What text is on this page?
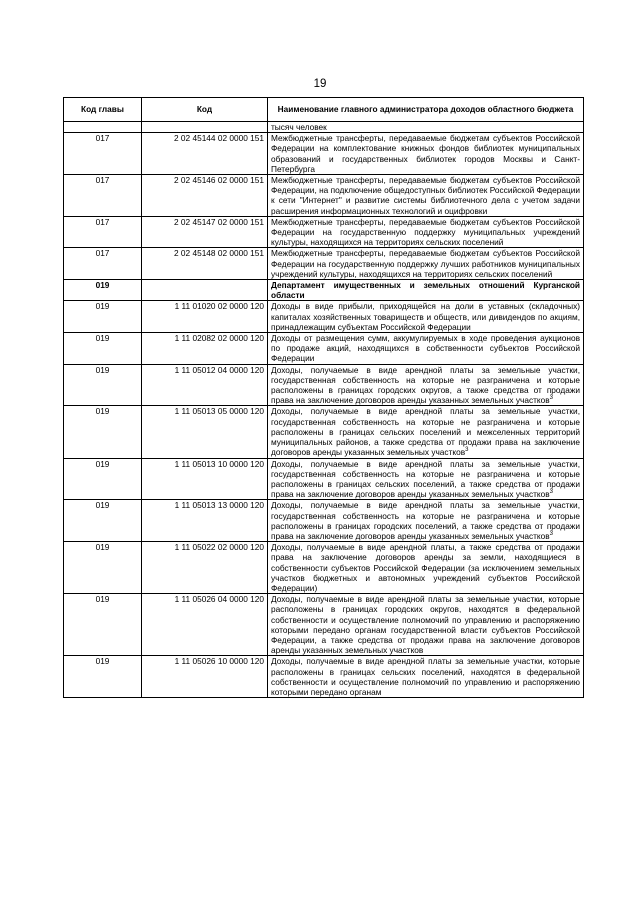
19
Код главы	Код	Наименование главного администратора доходов областного бюджета
		тысяч человек
017	2 02 45144 02 0000 151	Межбюджетные трансферты, передаваемые бюджетам субъектов Российской Федерации на комплектование книжных фондов библиотек муниципальных образований и государственных библиотек городов Москвы и Санкт-Петербурга
017	2 02 45146 02 0000 151	Межбюджетные трансферты, передаваемые бюджетам субъектов Российской Федерации, на подключение общедоступных библиотек Российской Федерации к сети "Интернет" и развитие системы библиотечного дела с учетом задачи расширения информационных технологий и оцифровки
017	2 02 45147 02 0000 151	Межбюджетные трансферты, передаваемые бюджетам субъектов Российской Федерации на государственную поддержку муниципальных учреждений культуры, находящихся на территориях сельских поселений
017	2 02 45148 02 0000 151	Межбюджетные трансферты, передаваемые бюджетам субъектов Российской Федерации на государственную поддержку лучших работников муниципальных учреждений культуры, находящихся на территориях сельских поселений
019		Департамент имущественных и земельных отношений Курганской области
019	1 11 01020 02 0000 120	Доходы в виде прибыли, приходящейся на доли в уставных (складочных) капиталах хозяйственных товариществ и обществ, или дивидендов по акциям, принадлежащим субъектам Российской Федерации
019	1 11 02082 02 0000 120	Доходы от размещения сумм, аккумулируемых в ходе проведения аукционов по продаже акций, находящихся в собственности субъектов Российской Федерации
019	1 11 05012 04 0000 120	Доходы, получаемые в виде арендной платы за земельные участки, государственная собственность на которые не разграничена и которые расположены в границах городских округов, а также средства от продажи права на заключение договоров аренды указанных земельных участков$^3$
019	1 11 05013 05 0000 120	Доходы, получаемые в виде арендной платы за земельные участки, государственная собственность на которые не разграничена и которые расположены в границах сельских поселений и межселенных территорий муниципальных районов, а также средства от продажи права на заключение договоров аренды указанных земельных участков$^3$
019	1 11 05013 10 0000 120	Доходы, получаемые в виде арендной платы за земельные участки, государственная собственность на которые не разграничена и которые расположены в границах сельских поселений, а также средства от продажи права на заключение договоров аренды указанных земельных участков$^3$
019	1 11 05013 13 0000 120	Доходы, получаемые в виде арендной платы за земельные участки, государственная собственность на которые не разграничена и которые расположены в границах городских поселений, а также средства от продажи права на заключение договоров аренды указанных земельных участков$^3$
019	1 11 05022 02 0000 120	Доходы, получаемые в виде арендной платы, а также средства от продажи права на заключение договоров аренды за земли, находящиеся в собственности субъектов Российской Федерации (за исключением земельных участков бюджетных и автономных учреждений субъектов Российской Федерации)
019	1 11 05026 04 0000 120	Доходы, получаемые в виде арендной платы за земельные участки, которые расположены в границах городских округов, находятся в федеральной собственности и осуществление полномочий по управлению и распоряжению которыми передано органам государственной власти субъектов Российской Федерации, а также средства от продажи права на заключение договоров аренды указанных земельных участков
019	1 11 05026 10 0000 120	Доходы, получаемые в виде арендной платы за земельные участки, которые расположены в границах сельских поселений, находятся в федеральной собственности и осуществление полномочий по управлению и распоряжению которыми передано органам
